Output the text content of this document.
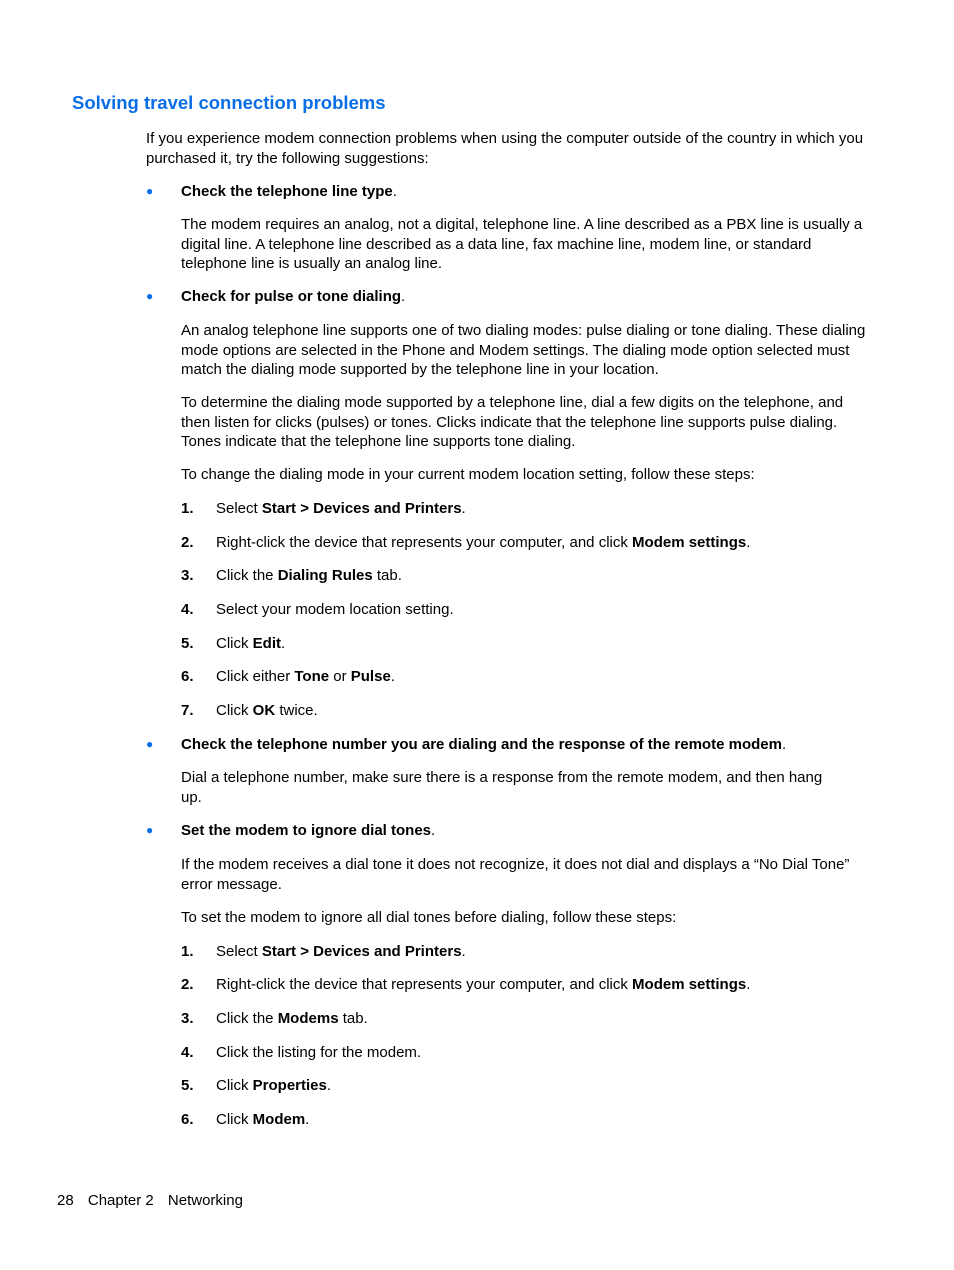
Solving travel connection problems

If you experience modem connection problems when using the computer outside of the country in which you purchased it, try the following suggestions:

● Check the telephone line type.

The modem requires an analog, not a digital, telephone line. A line described as a PBX line is usually a digital line. A telephone line described as a data line, fax machine line, modem line, or standard telephone line is usually an analog line.

● Check for pulse or tone dialing.

An analog telephone line supports one of two dialing modes: pulse dialing or tone dialing. These dialing mode options are selected in the Phone and Modem settings. The dialing mode option selected must match the dialing mode supported by the telephone line in your location.

To determine the dialing mode supported by a telephone line, dial a few digits on the telephone, and then listen for clicks (pulses) or tones. Clicks indicate that the telephone line supports pulse dialing. Tones indicate that the telephone line supports tone dialing.

To change the dialing mode in your current modem location setting, follow these steps:

1. Select Start > Devices and Printers.
2. Right-click the device that represents your computer, and click Modem settings.
3. Click the Dialing Rules tab.
4. Select your modem location setting.
5. Click Edit.
6. Click either Tone or Pulse.
7. Click OK twice.
● Check the telephone number you are dialing and the response of the remote modem.

Dial a telephone number, make sure there is a response from the remote modem, and then hang up.

● Set the modem to ignore dial tones.

If the modem receives a dial tone it does not recognize, it does not dial and displays a “No Dial Tone” error message.

To set the modem to ignore all dial tones before dialing, follow these steps:

1. Select Start > Devices and Printers.
2. Right-click the device that represents your computer, and click Modem settings.
3. Click the Modems tab.
4. Click the listing for the modem.
5. Click Properties.
6. Click Modem.
28 Chapter 2 Networking
